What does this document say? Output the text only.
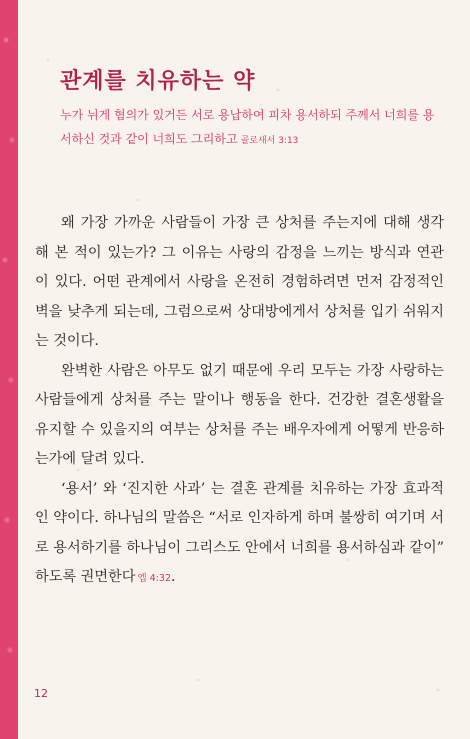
관계를 치유하는 약
누가 뉘게 혐의가 있거든 서로 용납하여 피차 용서하되 주께서 너희를 용서하신 것과 같이 너희도 그리하고 골로새서 3:13

왜 가장 가까운 사람들이 가장 큰 상처를 주는지에 대해 생각해 본 적이 있는가? 그 이유는 사랑의 감정을 느끼는 방식과 연관이 있다. 어떤 관계에서 사랑을 온전히 경험하려면 먼저 감정적인 벽을 낮추게 되는데, 그럼으로써 상대방에게서 상처를 입기 쉬워지는 것이다.

완벽한 사람은 아무도 없기 때문에 우리 모두는 가장 사랑하는 사람들에게 상처를 주는 말이나 행동을 한다. 건강한 결혼생활을 유지할 수 있을지의 여부는 상처를 주는 배우자에게 어떻게 반응하는가에 달려 있다.

‘용서’ 와 ‘진지한 사과’ 는 결혼 관계를 치유하는 가장 효과적인 약이다. 하나님의 말씀은 “서로 인자하게 하며 불쌍히 여기며 서로 용서하기를 하나님이 그리스도 안에서 너희를 용서하심과 같이” 하도록 권면한다 엡 4:32.

12
